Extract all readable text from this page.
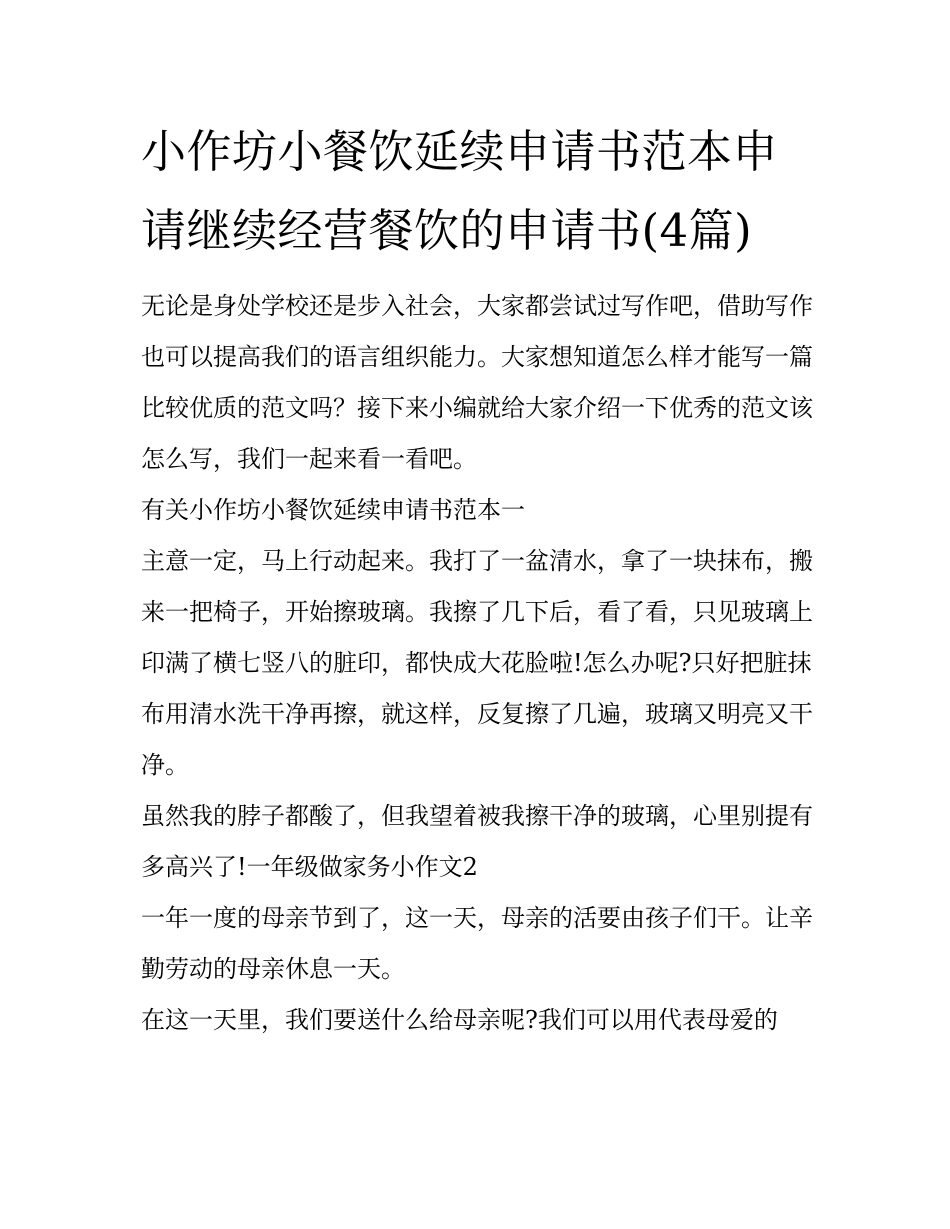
小作坊小餐饮延续申请书范本申请继续经营餐饮的申请书(4篇)

无论是身处学校还是步入社会，大家都尝试过写作吧，借助写作也可以提高我们的语言组织能力。大家想知道怎么样才能写一篇比较优质的范文吗？接下来小编就给大家介绍一下优秀的范文该怎么写，我们一起来看一看吧。

有关小作坊小餐饮延续申请书范本一

主意一定，马上行动起来。我打了一盆清水，拿了一块抹布，搬来一把椅子，开始擦玻璃。我擦了几下后，看了看，只见玻璃上印满了横七竖八的脏印，都快成大花脸啦!怎么办呢?只好把脏抹布用清水洗干净再擦，就这样，反复擦了几遍，玻璃又明亮又干净。

虽然我的脖子都酸了，但我望着被我擦干净的玻璃，心里别提有多高兴了!一年级做家务小作文2

一年一度的母亲节到了，这一天，母亲的活要由孩子们干。让辛勤劳动的母亲休息一天。

在这一天里，我们要送什么给母亲呢?我们可以用代表母爱的
